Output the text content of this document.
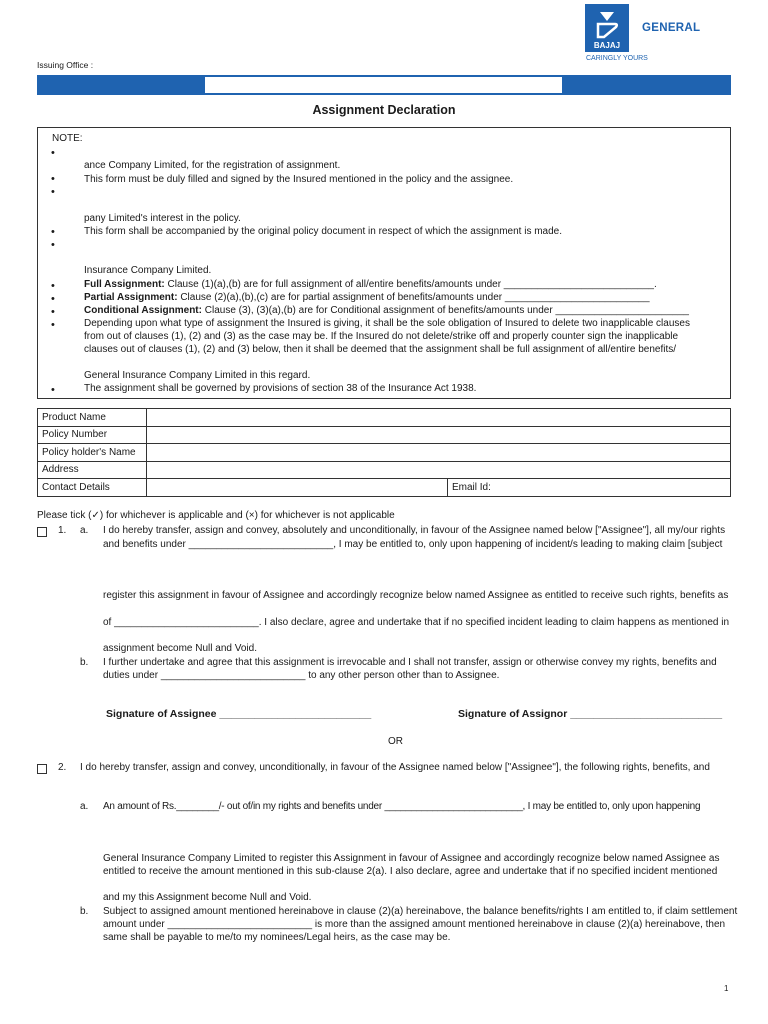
BAJAJ
GENERAL
CARINGLY YOURS
Issuing Office :
Assignment Declaration
NOTE:
•
ance Company Limited, for the registration of assignment.
•	This form must be duly filled and signed by the Insured mentioned in the policy and the assignee.
•
pany Limited's interest in the policy.
•	This form shall be accompanied by the original policy document in respect of which the assignment is made.
•
Insurance Company Limited.
•	Full Assignment: Clause (1)(a),(b) are for full assignment of all/entire benefits/amounts under ___________________________.
•	Partial Assignment: Clause (2)(a),(b),(c) are for partial assignment of benefits/amounts under __________________________
•	Conditional Assignment: Clause (3), (3)(a),(b) are for Conditional assignment of benefits/amounts under ________________________
•	Depending upon what type of assignment the Insured is giving, it shall be the sole obligation of Insured to delete two inapplicable clauses
from out of clauses (1), (2) and (3) as the case may be. If the Insured do not delete/strike off and properly counter sign the inapplicable
clauses out of clauses (1), (2) and (3) below, then it shall be deemed that the assignment shall be full assignment of all/entire benefits/
General Insurance Company Limited in this regard.
•	The assignment shall be governed by provisions of section 38 of the Insurance Act 1938.
Product Name		
Policy Number		
Policy holder's Name		
Address		
Contact Details		Email Id:
Please tick (✓) for whichever is applicable and (×) for whichever is not applicable
1. a. I do hereby transfer, assign and convey, absolutely and unconditionally, in favour of the Assignee named below ["Assignee"], all my/our rights
and benefits under __________________________, I may be entitled to, only upon happening of incident/s leading to making claim [subject
register this assignment in favour of Assignee and accordingly recognize below named Assignee as entitled to receive such rights, benefits as
of __________________________. I also declare, agree and undertake that if no specified incident leading to claim happens as mentioned in
assignment become Null and Void.
b. I further undertake and agree that this assignment is irrevocable and I shall not transfer, assign or otherwise convey my rights, benefits and
duties under __________________________ to any other person other than to Assignee.
Signature of Assignee __________________________	Signature of Assignor __________________________
OR
2. I do hereby transfer, assign and convey, unconditionally, in favour of the Assignee named below ["Assignee"], the following rights, benefits, and
a. An amount of Rs.________/- out of/in my rights and benefits under __________________________, I may be entitled to, only upon happening
General Insurance Company Limited to register this Assignment in favour of Assignee and accordingly recognize below named Assignee as
entitled to receive the amount mentioned in this sub-clause 2(a). I also declare, agree and undertake that if no specified incident mentioned
and my this Assignment become Null and Void.
b. Subject to assigned amount mentioned hereinabove in clause (2)(a) hereinabove, the balance benefits/rights I am entitled to, if claim settlement
amount under __________________________ is more than the assigned amount mentioned hereinabove in clause (2)(a) hereinabove, then
same shall be payable to me/to my nominees/Legal heirs, as the case may be.
1
